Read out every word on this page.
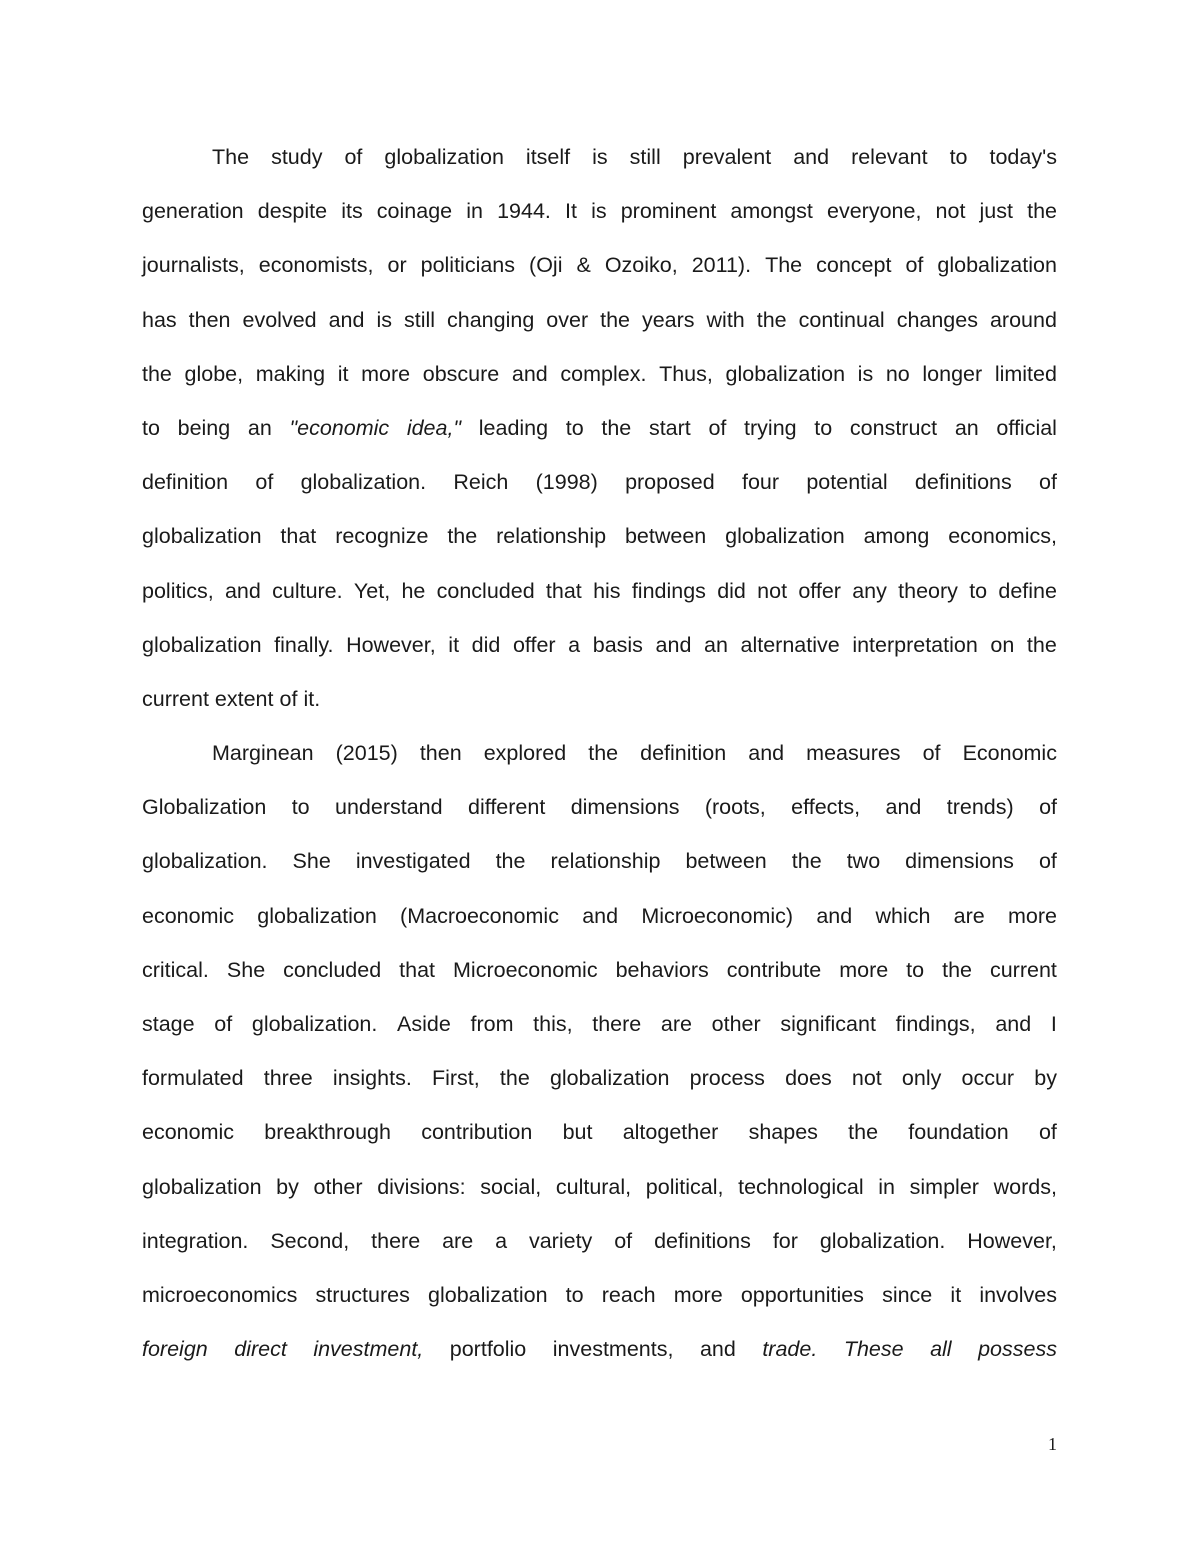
The study of globalization itself is still prevalent and relevant to today's
generation despite its coinage in 1944. It is prominent amongst everyone, not just the
journalists, economists, or politicians (Oji & Ozoiko, 2011). The concept of globalization
has then evolved and is still changing over the years with the continual changes around
the globe, making it more obscure and complex. Thus, globalization is no longer limited
to being an "economic idea," leading to the start of trying to construct an official
definition of globalization. Reich (1998) proposed four potential definitions of
globalization that recognize the relationship between globalization among economics,
politics, and culture. Yet, he concluded that his findings did not offer any theory to define
globalization finally. However, it did offer a basis and an alternative interpretation on the
current extent of it.
Marginean (2015) then explored the definition and measures of Economic
Globalization to understand different dimensions (roots, effects, and trends) of
globalization. She investigated the relationship between the two dimensions of
economic globalization (Macroeconomic and Microeconomic) and which are more
critical. She concluded that Microeconomic behaviors contribute more to the current
stage of globalization. Aside from this, there are other significant findings, and I
formulated three insights. First, the globalization process does not only occur by
economic breakthrough contribution but altogether shapes the foundation of
globalization by other divisions: social, cultural, political, technological in simpler words,
integration. Second, there are a variety of definitions for globalization. However,
microeconomics structures globalization to reach more opportunities since it involves
foreign direct investment, portfolio investments, and trade. These all possess
1
